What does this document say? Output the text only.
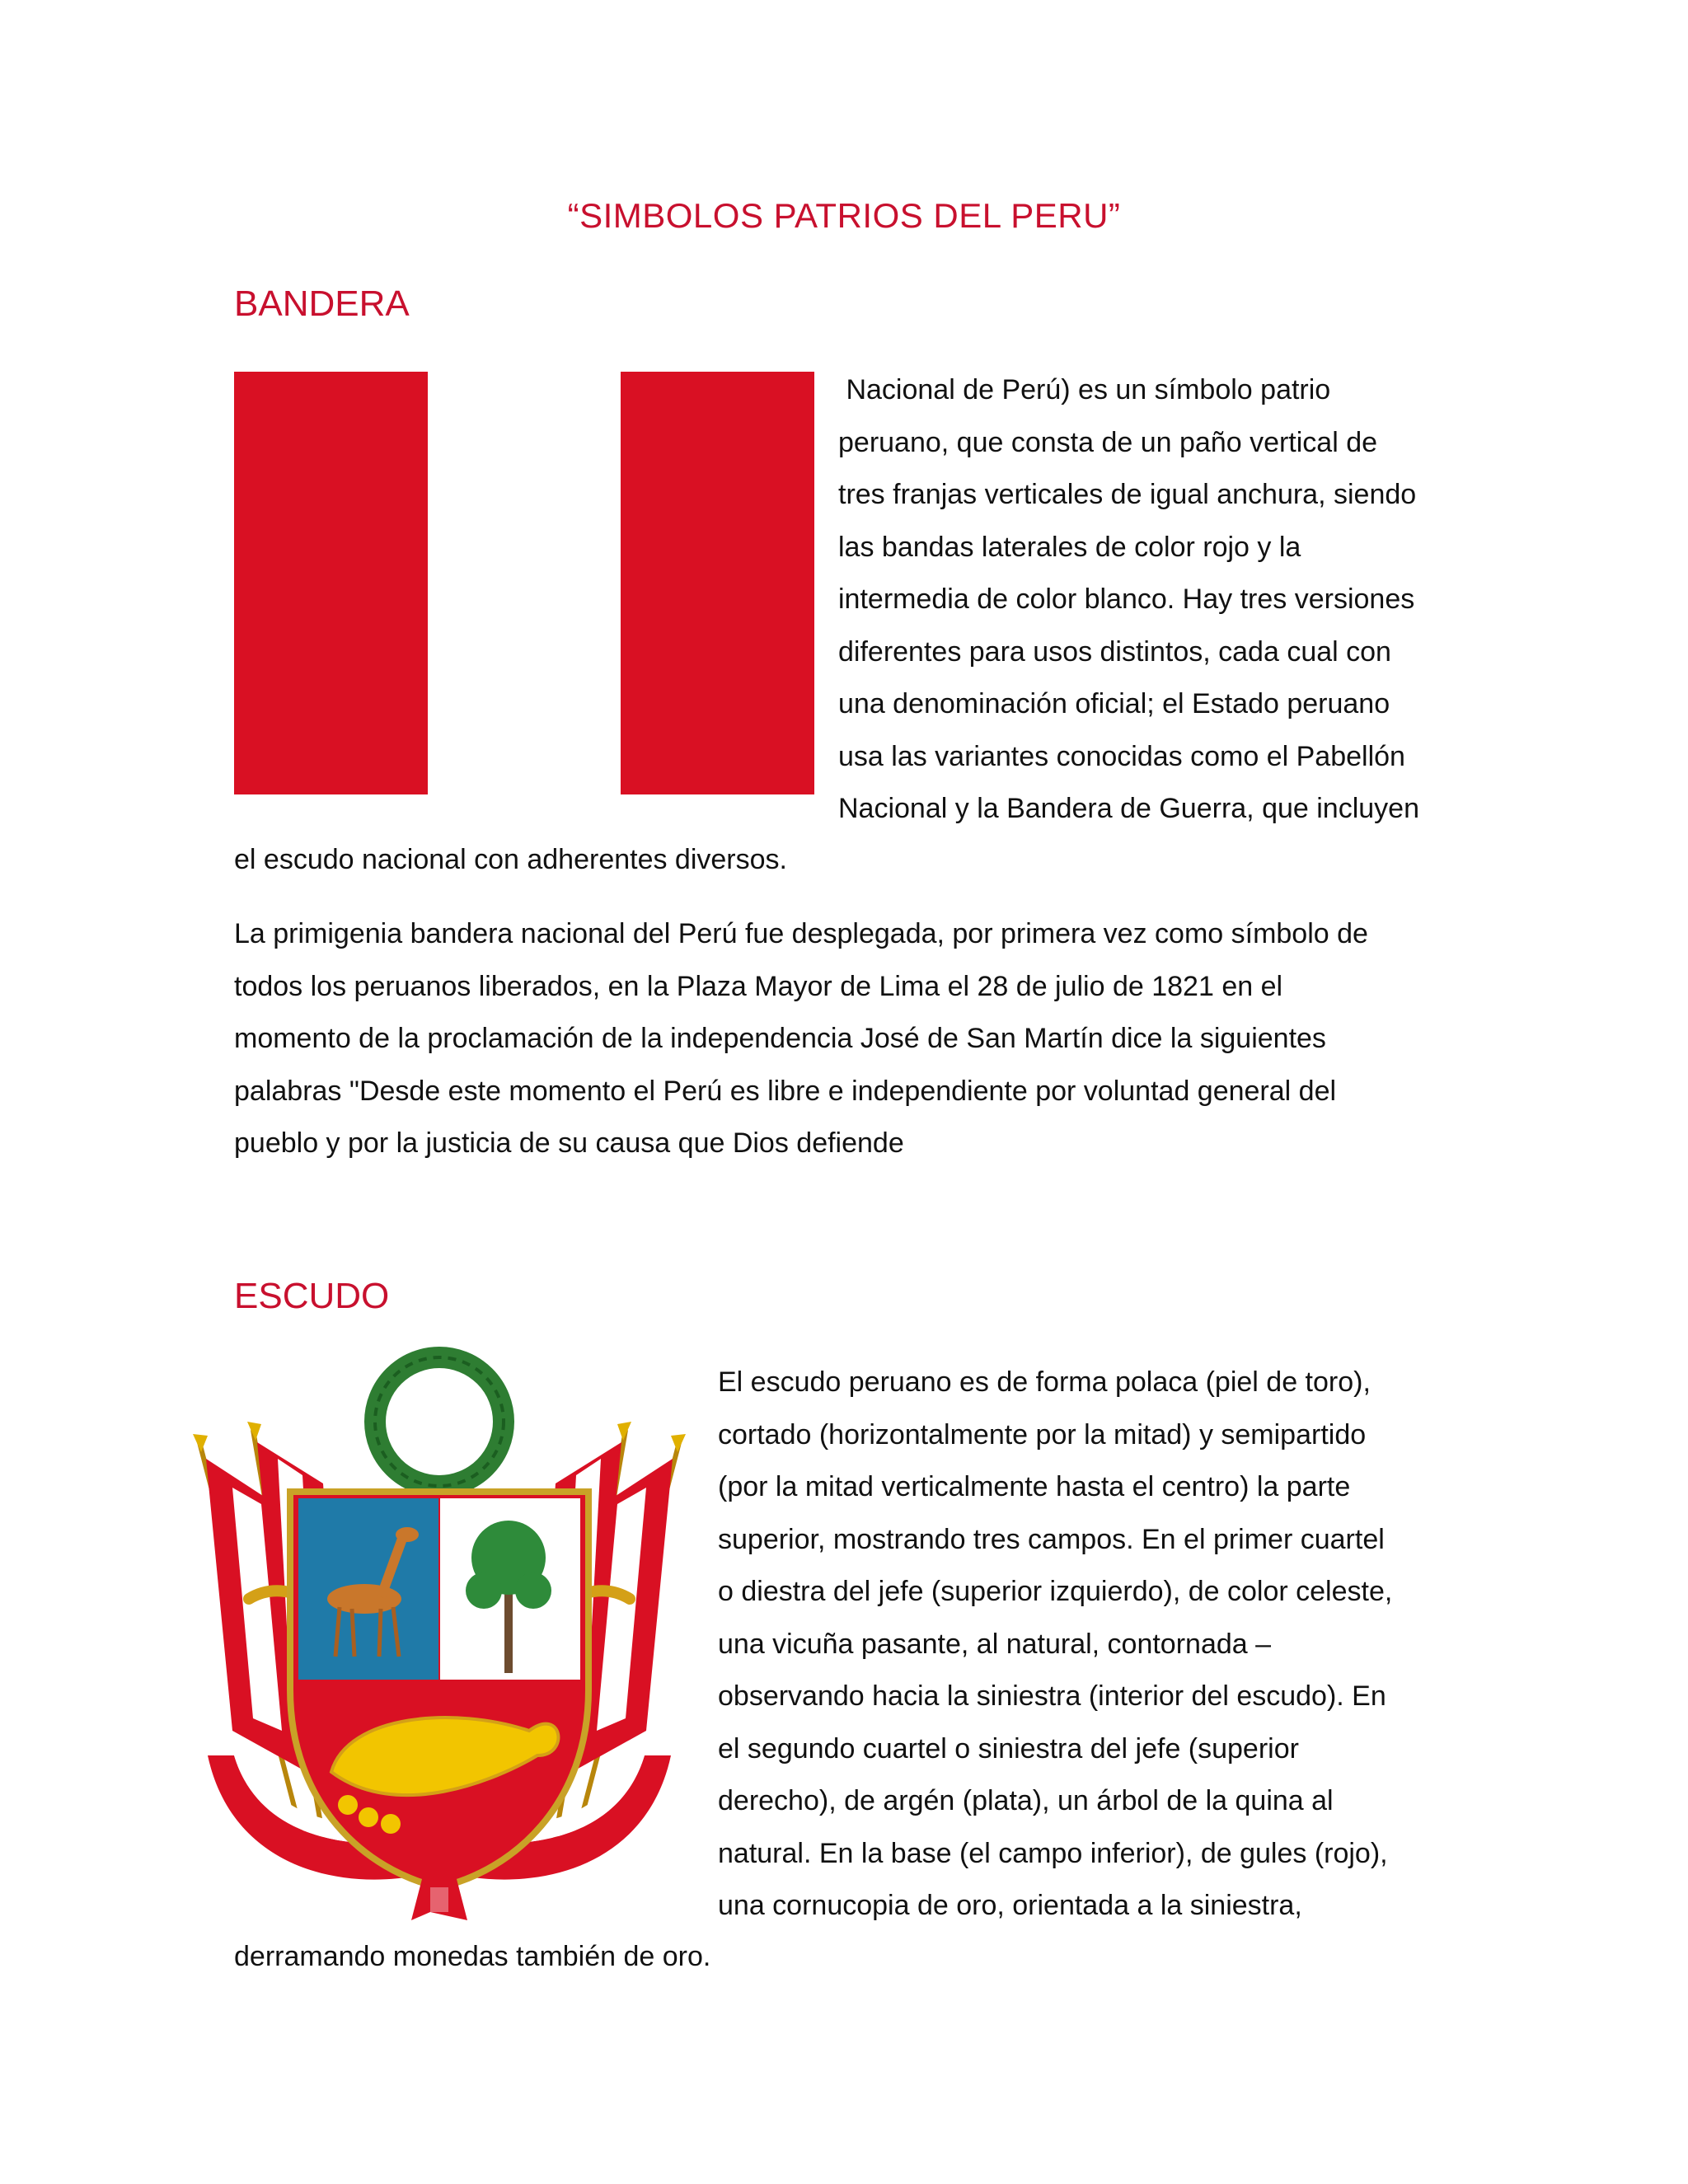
“SIMBOLOS PATRIOS DEL PERU”
BANDERA
Nacional de Perú) es un símbolo patrio
peruano, que consta de un paño vertical de
tres franjas verticales de igual anchura, siendo
las bandas laterales de color rojo y la
intermedia de color blanco. Hay tres versiones
diferentes para usos distintos, cada cual con
una denominación oficial; el Estado peruano
usa las variantes conocidas como el Pabellón
Nacional y la Bandera de Guerra, que incluyen
el escudo nacional con adherentes diversos.
La primigenia bandera nacional del Perú fue desplegada, por primera vez como símbolo de
todos los peruanos liberados, en la Plaza Mayor de Lima el 28 de julio de 1821 en el
momento de la proclamación de la independencia José de San Martín dice la siguientes
palabras "Desde este momento el Perú es libre e independiente por voluntad general del
pueblo y por la justicia de su causa que Dios defiende
ESCUDO
El escudo peruano es de forma polaca (piel de toro),
cortado (horizontalmente por la mitad) y semipartido
(por la mitad verticalmente hasta el centro) la parte
superior, mostrando tres campos. En el primer cuartel
o diestra del jefe (superior izquierdo), de color celeste,
una vicuña pasante, al natural, contornada –
observando hacia la siniestra (interior del escudo). En
el segundo cuartel o siniestra del jefe (superior
derecho), de argén (plata), un árbol de la quina al
natural. En la base (el campo inferior), de gules (rojo),
una cornucopia de oro, orientada a la siniestra,
derramando monedas también de oro.
